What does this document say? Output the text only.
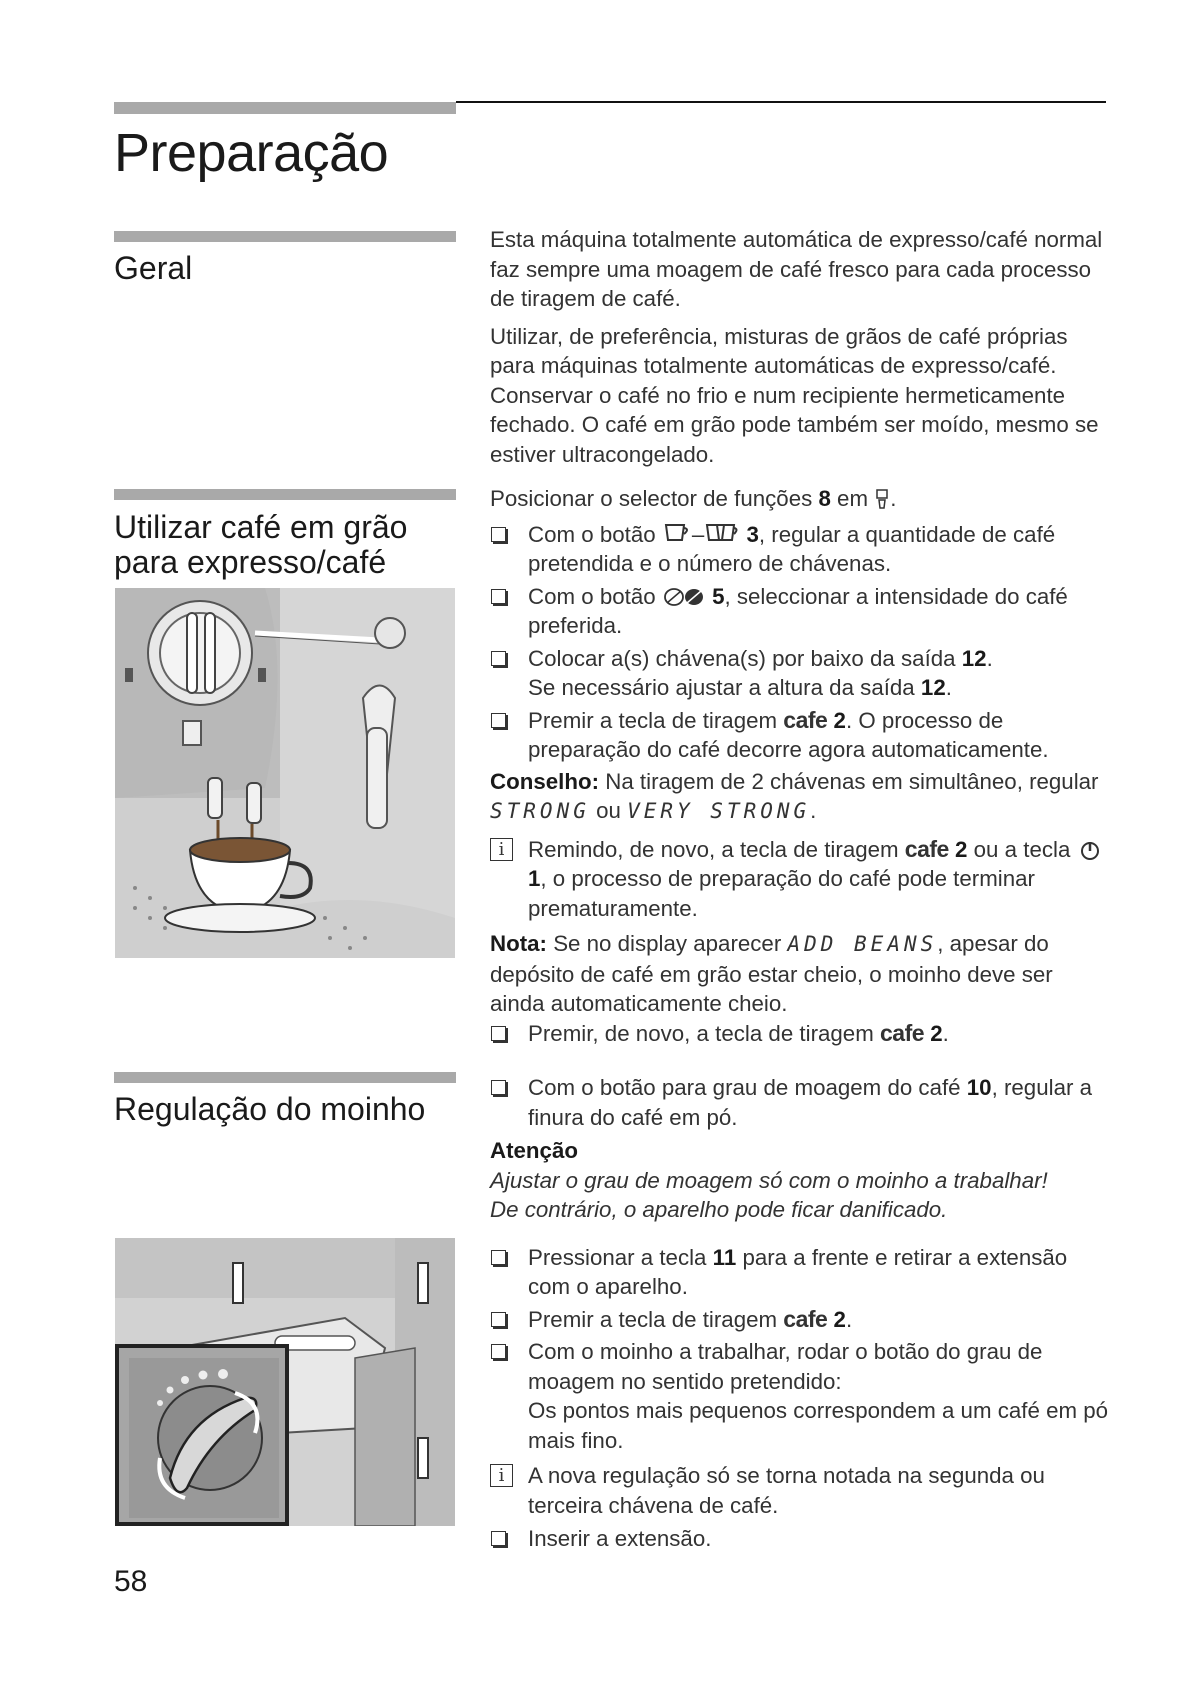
Preparação
Geral

Esta máquina totalmente automática de expresso/café normal faz sempre uma moagem de café fresco para cada processo de tiragem de café.

Utilizar, de preferência, misturas de grãos de café próprias para máquinas totalmente automáticas de expresso/café. Conservar o café no frio e num recipiente hermeticamente fechado. O café em grão pode também ser moído, mesmo se estiver ultracongelado.

Utilizar café em grão para expresso/café

Posicionar o selector de funções 8 em .

Com o botão – 3, regular a quantidade de café pretendida e o número de chávenas.
Com o botão	5, seleccionar a intensidade do café preferida.
Colocar a(s) chávena(s) por baixo da saída 12.
Se necessário ajustar a altura da saída 12.
Premir a tecla de tiragem cafe 2. O processo de preparação do café decorre agora automaticamente.

Conselho: Na tiragem de 2 chávenas em simultâneo, regular
STRONG ou VERY STRONG.

i	Remindo, de novo, a tecla de tiragem cafe 2 ou a tecla  1, o processo de preparação do café pode terminar prematuramente.

Nota: Se no display aparecer ADD BEANS, apesar do depósito de café em grão estar cheio, o moinho deve ser ainda automaticamente cheio.

Premir, de novo, a tecla de tiragem cafe 2.
Regulação do moinho
Com o botão para grau de moagem do café 10, regular a finura do café em pó.

Atenção

Ajustar o grau de moagem só com o moinho a trabalhar!

De contrário, o aparelho pode ficar danificado.

Pressionar a tecla 11 para a frente e retirar a extensão com o aparelho.
Premir a tecla de tiragem cafe 2.
Com o moinho a trabalhar, rodar o botão do grau de moagem no sentido pretendido:
Os pontos mais pequenos correspondem a um café em pó mais fino.
i	A nova regulação só se torna notada na segunda ou terceira chávena de café.
Inserir a extensão.
58
